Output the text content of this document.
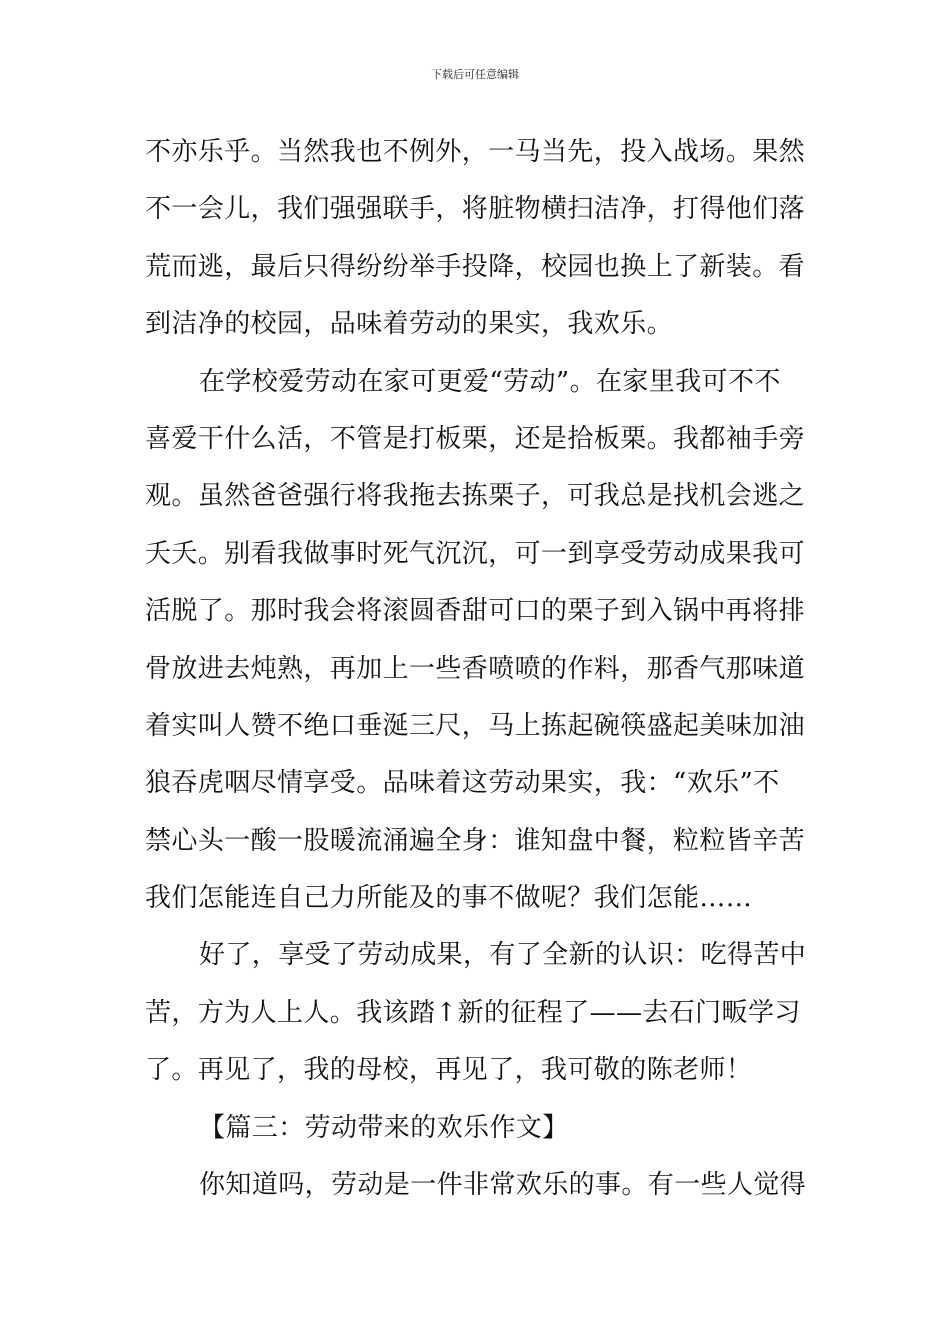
下载后可任意编辑
不亦乐乎。当然我也不例外，一马当先，投入战场。果然
不一会儿，我们强强联手，将脏物横扫洁净，打得他们落
荒而逃，最后只得纷纷举手投降，校园也换上了新装。看
到洁净的校园，品味着劳动的果实，我欢乐。
在学校爱劳动在家可更爱“劳动”。在家里我可不不
喜爱干什么活，不管是打板栗，还是拾板栗。我都袖手旁
观。虽然爸爸强行将我拖去拣栗子，可我总是找机会逃之
夭夭。别看我做事时死气沉沉，可一到享受劳动成果我可
活脱了。那时我会将滚圆香甜可口的栗子到入锅中再将排
骨放进去炖熟，再加上一些香喷喷的作料，那香气那味道
着实叫人赞不绝口垂涎三尺，马上拣起碗筷盛起美味加油
狼吞虎咽尽情享受。品味着这劳动果实，我：“欢乐”不
禁心头一酸一股暖流涌遍全身：谁知盘中餐，粒粒皆辛苦
我们怎能连自己力所能及的事不做呢？我们怎能……
好了，享受了劳动成果，有了全新的认识：吃得苦中
苦，方为人上人。我该踏↑新的征程了——去石门畈学习
了。再见了，我的母校，再见了，我可敬的陈老师！
【篇三：劳动带来的欢乐作文】
你知道吗，劳动是一件非常欢乐的事。有一些人觉得
